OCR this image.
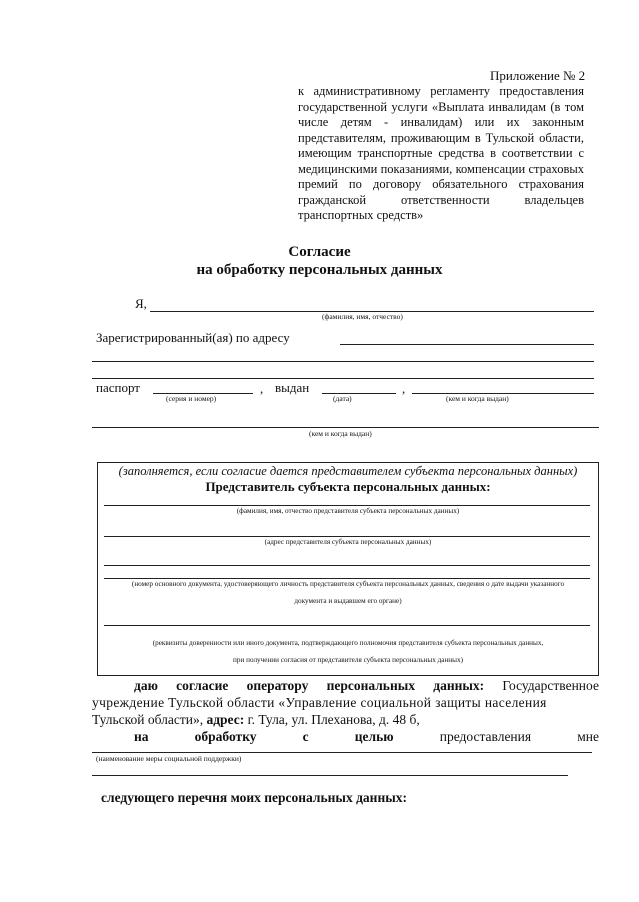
Приложение № 2
к административному регламенту предоставления государственной услуги «Выплата инвалидам (в том числе детям - инвалидам) или их законным представителям, проживающим в Тульской области, имеющим транспортные средства в соответствии с медицинскими показаниями, компенсации страховых премий по договору обязательного страхования гражданской ответственности владельцев транспортных средств»
Согласие
на обработку персональных данных
Я,
(фамилия, имя, отчество)
Зарегистрированный(ая) по адресу
паспорт	, выдан	,
(серия и номер)	(дата)	(кем и когда выдан)
(кем и когда выдан)
(заполняется, если согласие дается представителем субъекта персональных данных)
Представитель субъекта персональных данных:
(фамилия, имя, отчество представителя субъекта персональных данных)
(адрес представителя субъекта персональных данных)
(номер основного документа, удостоверяющего личность представителя субъекта персональных данных, сведения о дате выдачи указанного
документа и выдавшем его органе)
(реквизиты доверенности или иного документа, подтверждающего полномочия представителя субъекта персональных данных,
при получении согласия от представителя субъекта персональных данных)
даю согласие оператору персональных данных: Государственное
учреждение Тульской области «Управление социальной защиты населения
Тульской области», адрес: г. Тула, ул. Плеханова, д. 48 б,
на	обработку	с	целью	предоставления	мне
(наименование меры социальной поддержки)
следующего перечня моих персональных данных:
